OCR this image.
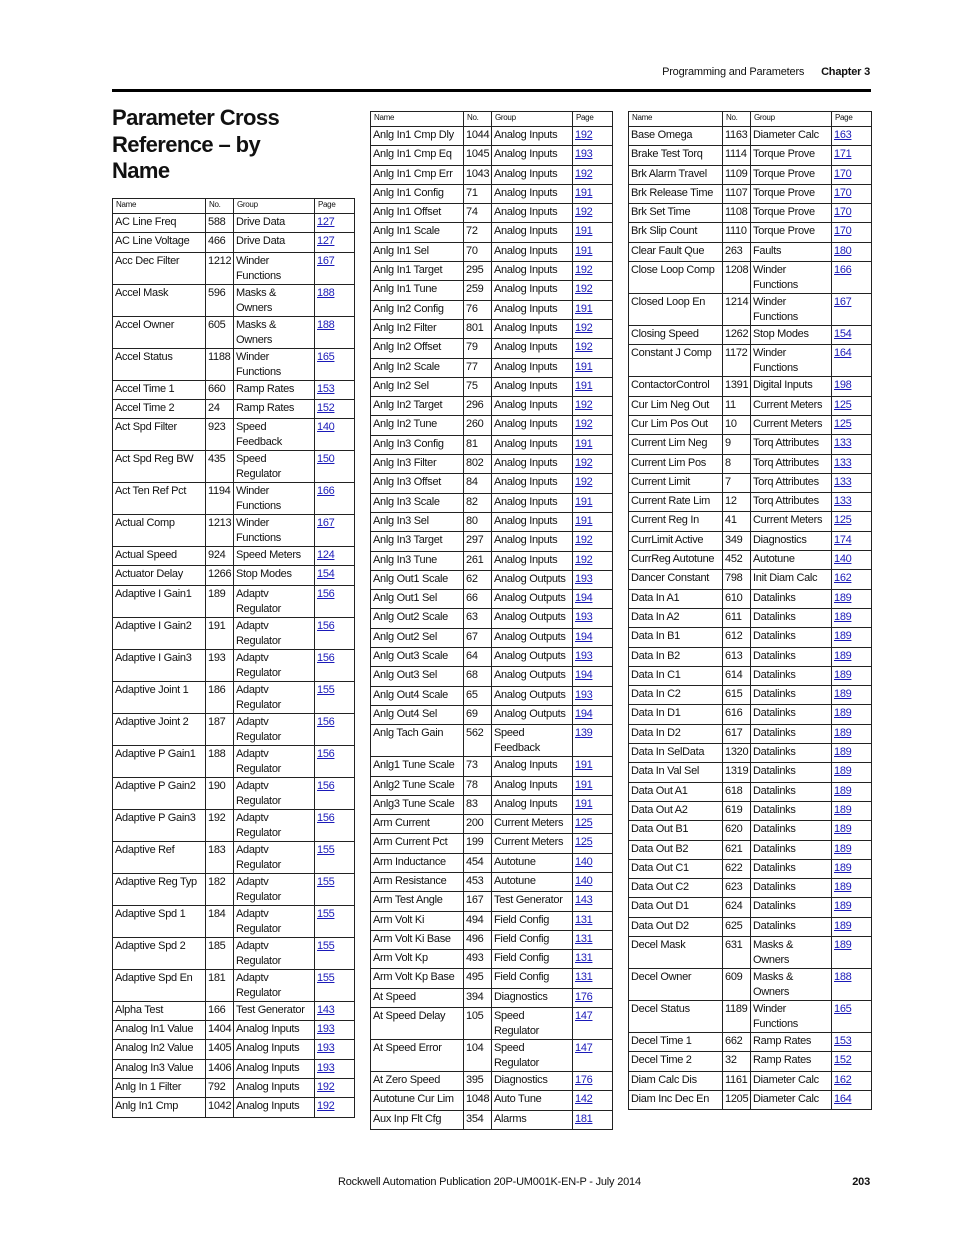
Programming and Parameters Chapter 3
Parameter Cross Reference – by Name
Name	No.	Group	Page
AC Line Freq	588	Drive Data	127
AC Line Voltage	466	Drive Data	127
Acc Dec Filter	1212	Winder Functions	167
Accel Mask	596	Masks & Owners	188
Accel Owner	605	Masks & Owners	188
Accel Status	1188	Winder Functions	165
Accel Time 1	660	Ramp Rates	153
Accel Time 2	24	Ramp Rates	152
Act Spd Filter	923	Speed Feedback	140
Act Spd Reg BW	435	Speed Regulator	150
Act Ten Ref Pct	1194	Winder Functions	166
Actual Comp	1213	Winder Functions	167
Actual Speed	924	Speed Meters	124
Actuator Delay	1266	Stop Modes	154
Adaptive I Gain1	189	Adaptv Regulator	156
Adaptive I Gain2	191	Adaptv Regulator	156
Adaptive I Gain3	193	Adaptv Regulator	156
Adaptive Joint 1	186	Adaptv Regulator	155
Adaptive Joint 2	187	Adaptv Regulator	156
Adaptive P Gain1	188	Adaptv Regulator	156
Adaptive P Gain2	190	Adaptv Regulator	156
Adaptive P Gain3	192	Adaptv Regulator	156
Adaptive Ref	183	Adaptv Regulator	155
Adaptive Reg Typ	182	Adaptv Regulator	155
Adaptive Spd 1	184	Adaptv Regulator	155
Adaptive Spd 2	185	Adaptv Regulator	155
Adaptive Spd En	181	Adaptv Regulator	155
Alpha Test	166	Test Generator	143
Analog In1 Value	1404	Analog Inputs	193
Analog In2 Value	1405	Analog Inputs	193
Analog In3 Value	1406	Analog Inputs	193
Anlg In 1 Filter	792	Analog Inputs	192
Anlg In1 Cmp	1042	Analog Inputs	192
Name	No.	Group	Page
Anlg In1 Cmp Dly	1044	Analog Inputs	192
Anlg In1 Cmp Eq	1045	Analog Inputs	193
Anlg In1 Cmp Err	1043	Analog Inputs	192
Anlg In1 Config	71	Analog Inputs	191
Anlg In1 Offset	74	Analog Inputs	192
Anlg In1 Scale	72	Analog Inputs	191
Anlg In1 Sel	70	Analog Inputs	191
Anlg In1 Target	295	Analog Inputs	192
Anlg In1 Tune	259	Analog Inputs	192
Anlg In2 Config	76	Analog Inputs	191
Anlg In2 Filter	801	Analog Inputs	192
Anlg In2 Offset	79	Analog Inputs	192
Anlg In2 Scale	77	Analog Inputs	191
Anlg In2 Sel	75	Analog Inputs	191
Anlg In2 Target	296	Analog Inputs	192
Anlg In2 Tune	260	Analog Inputs	192
Anlg In3 Config	81	Analog Inputs	191
Anlg In3 Filter	802	Analog Inputs	192
Anlg In3 Offset	84	Analog Inputs	192
Anlg In3 Scale	82	Analog Inputs	191
Anlg In3 Sel	80	Analog Inputs	191
Anlg In3 Target	297	Analog Inputs	192
Anlg In3 Tune	261	Analog Inputs	192
Anlg Out1 Scale	62	Analog Outputs	193
Anlg Out1 Sel	66	Analog Outputs	194
Anlg Out2 Scale	63	Analog Outputs	193
Anlg Out2 Sel	67	Analog Outputs	194
Anlg Out3 Scale	64	Analog Outputs	193
Anlg Out3 Sel	68	Analog Outputs	194
Anlg Out4 Scale	65	Analog Outputs	193
Anlg Out4 Sel	69	Analog Outputs	194
Anlg Tach Gain	562	Speed Feedback	139
Anlg1 Tune Scale	73	Analog Inputs	191
Anlg2 Tune Scale	78	Analog Inputs	191
Anlg3 Tune Scale	83	Analog Inputs	191
Arm Current	200	Current Meters	125
Arm Current Pct	199	Current Meters	125
Arm Inductance	454	Autotune	140
Arm Resistance	453	Autotune	140
Arm Test Angle	167	Test Generator	143
Arm Volt Ki	494	Field Config	131
Arm Volt Ki Base	496	Field Config	131
Arm Volt Kp	493	Field Config	131
Arm Volt Kp Base	495	Field Config	131
At Speed	394	Diagnostics	176
At Speed Delay	105	Speed Regulator	147
At Speed Error	104	Speed Regulator	147
At Zero Speed	395	Diagnostics	176
Autotune Cur Lim	1048	Auto Tune	142
Aux Inp Flt Cfg	354	Alarms	181
Name	No.	Group	Page
Base Omega	1163	Diameter Calc	163
Brake Test Torq	1114	Torque Prove	171
Brk Alarm Travel	1109	Torque Prove	170
Brk Release Time	1107	Torque Prove	170
Brk Set Time	1108	Torque Prove	170
Brk Slip Count	1110	Torque Prove	170
Clear Fault Que	263	Faults	180
Close Loop Comp	1208	Winder Functions	166
Closed Loop En	1214	Winder Functions	167
Closing Speed	1262	Stop Modes	154
Constant J Comp	1172	Winder Functions	164
ContactorControl	1391	Digital Inputs	198
Cur Lim Neg Out	11	Current Meters	125
Cur Lim Pos Out	10	Current Meters	125
Current Lim Neg	9	Torq Attributes	133
Current Lim Pos	8	Torq Attributes	133
Current Limit	7	Torq Attributes	133
Current Rate Lim	12	Torq Attributes	133
Current Reg In	41	Current Meters	125
CurrLimit Active	349	Diagnostics	174
CurrReg Autotune	452	Autotune	140
Dancer Constant	798	Init Diam Calc	162
Data In A1	610	Datalinks	189
Data In A2	611	Datalinks	189
Data In B1	612	Datalinks	189
Data In B2	613	Datalinks	189
Data In C1	614	Datalinks	189
Data In C2	615	Datalinks	189
Data In D1	616	Datalinks	189
Data In D2	617	Datalinks	189
Data In SelData	1320	Datalinks	189
Data In Val Sel	1319	Datalinks	189
Data Out A1	618	Datalinks	189
Data Out A2	619	Datalinks	189
Data Out B1	620	Datalinks	189
Data Out B2	621	Datalinks	189
Data Out C1	622	Datalinks	189
Data Out C2	623	Datalinks	189
Data Out D1	624	Datalinks	189
Data Out D2	625	Datalinks	189
Decel Mask	631	Masks & Owners	189
Decel Owner	609	Masks & Owners	188
Decel Status	1189	Winder Functions	165
Decel Time 1	662	Ramp Rates	153
Decel Time 2	32	Ramp Rates	152
Diam Calc Dis	1161	Diameter Calc	162
Diam Inc Dec En	1205	Diameter Calc	164
Rockwell Automation Publication 20P-UM001K-EN-P - July 2014	203
